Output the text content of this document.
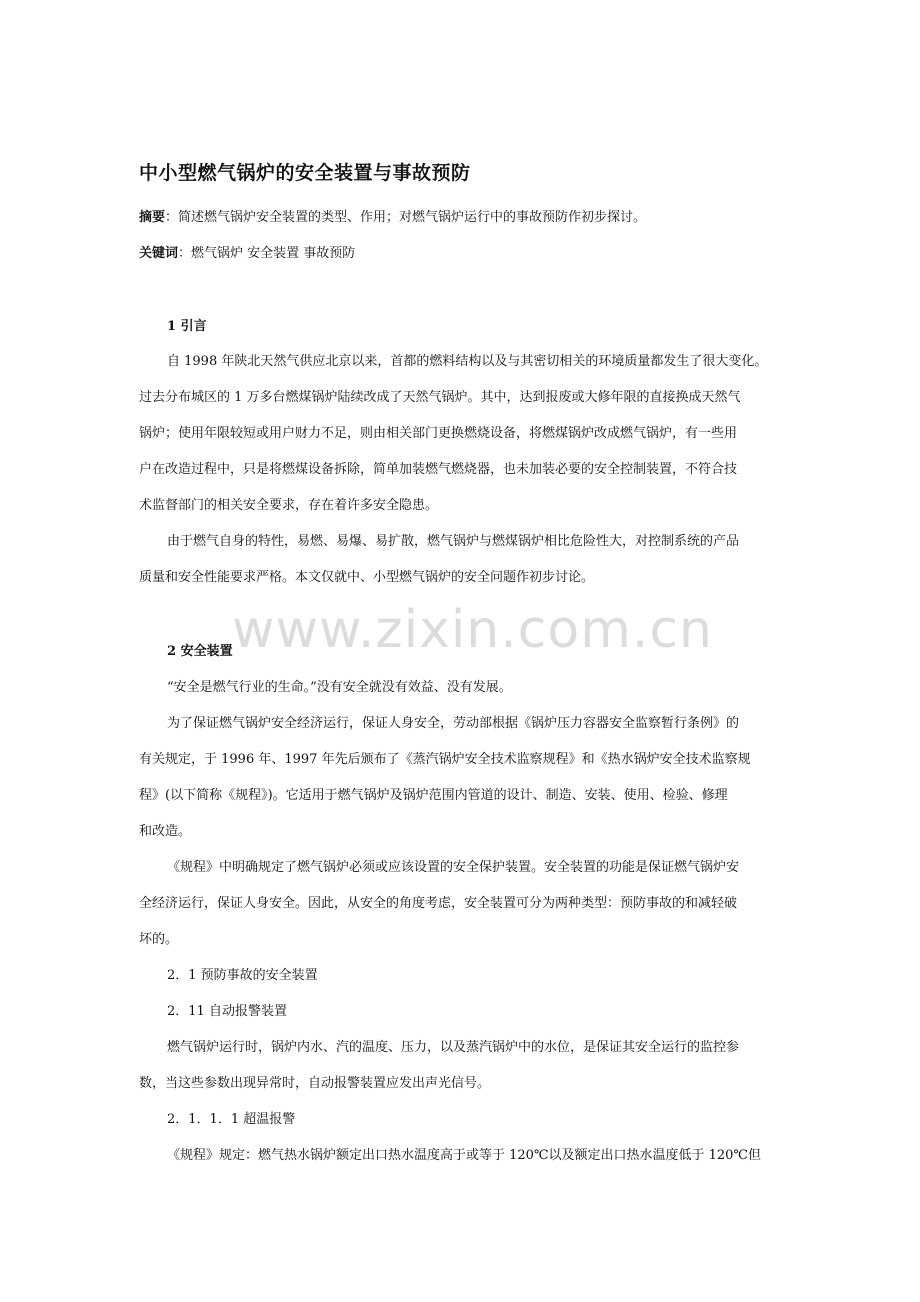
中小型燃气锅炉的安全装置与事故预防
摘要：简述燃气锅炉安全装置的类型、作用；对燃气锅炉运行中的事故预防作初步探讨。
关键词：燃气锅炉 安全装置 事故预防
1 引言
自 1998 年陕北天然气供应北京以来，首都的燃料结构以及与其密切相关的环境质量都发生了很大变化。
过去分布城区的 1 万多台燃煤锅炉陆续改成了天然气锅炉。其中，达到报废或大修年限的直接换成天然气
锅炉；使用年限较短或用户财力不足，则由相关部门更换燃烧设备，将燃煤锅炉改成燃气锅炉，有一些用
户在改造过程中，只是将燃煤设备拆除，简单加装燃气燃烧器，也未加装必要的安全控制装置，不符合技
术监督部门的相关安全要求，存在着许多安全隐患。
由于燃气自身的特性，易燃、易爆、易扩散，燃气锅炉与燃煤锅炉相比危险性大，对控制系统的产品
质量和安全性能要求严格。本文仅就中、小型燃气锅炉的安全问题作初步讨论。
www.zixin.com.cn
2 安全装置
“安全是燃气行业的生命。”没有安全就没有效益、没有发展。
为了保证燃气锅炉安全经济运行，保证人身安全，劳动部根据《锅炉压力容器安全监察暂行条例》的
有关规定，于 1996 年、1997 年先后颁布了《蒸汽锅炉安全技术监察规程》和《热水锅炉安全技术监察规
程》(以下简称《规程》)。它适用于燃气锅炉及锅炉范围内管道的设计、制造、安装、使用、检验、修理
和改造。
《规程》中明确规定了燃气锅炉必须或应该设置的安全保护装置。安全装置的功能是保证燃气锅炉安
全经济运行，保证人身安全。因此，从安全的角度考虑，安全装置可分为两种类型：预防事故的和减轻破
坏的。
2．1 预防事故的安全装置
2．11 自动报警装置
燃气锅炉运行时，锅炉内水、汽的温度、压力，以及蒸汽锅炉中的水位，是保证其安全运行的监控参
数，当这些参数出现异常时，自动报警装置应发出声光信号。
2．1．1．1 超温报警
《规程》规定：燃气热水锅炉额定出口热水温度高于或等于 120℃以及额定出口热水温度低于 120℃但
